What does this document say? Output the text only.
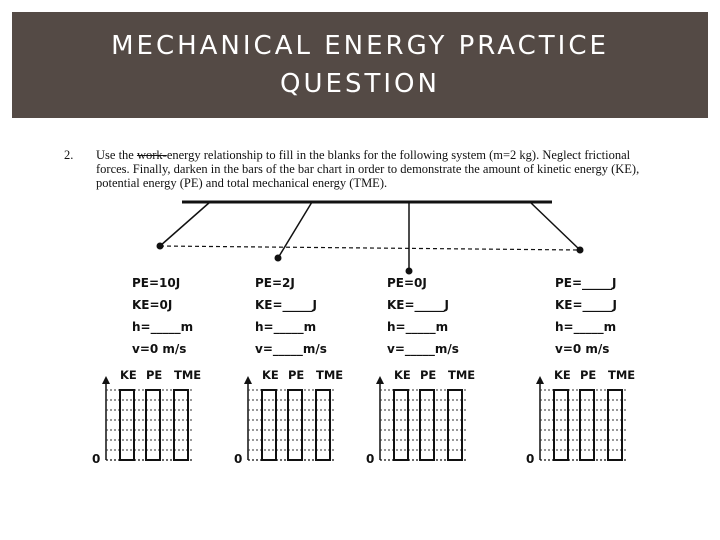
MECHANICAL ENERGY PRACTICE
QUESTION
2. Use the work-energy relationship to fill in the blanks for the following system (m=2 kg). Neglect frictional forces. Finally, darken in the bars of the bar chart in order to demonstrate the amount of kinetic energy (KE), potential energy (PE) and total mechanical energy (TME).
PE=10J
KE=0J
h=_____m
v=0 m/s
PE=2J
KE=_____J
h=_____m
v=_____m/s
PE=0J
KE=_____J
h=_____m
v=_____m/s
PE=_____J
KE=_____J
h=_____m
v=0 m/s
KE PE TME
0
KE PE TME
0
KE PE TME
0
KE PE TME
0
